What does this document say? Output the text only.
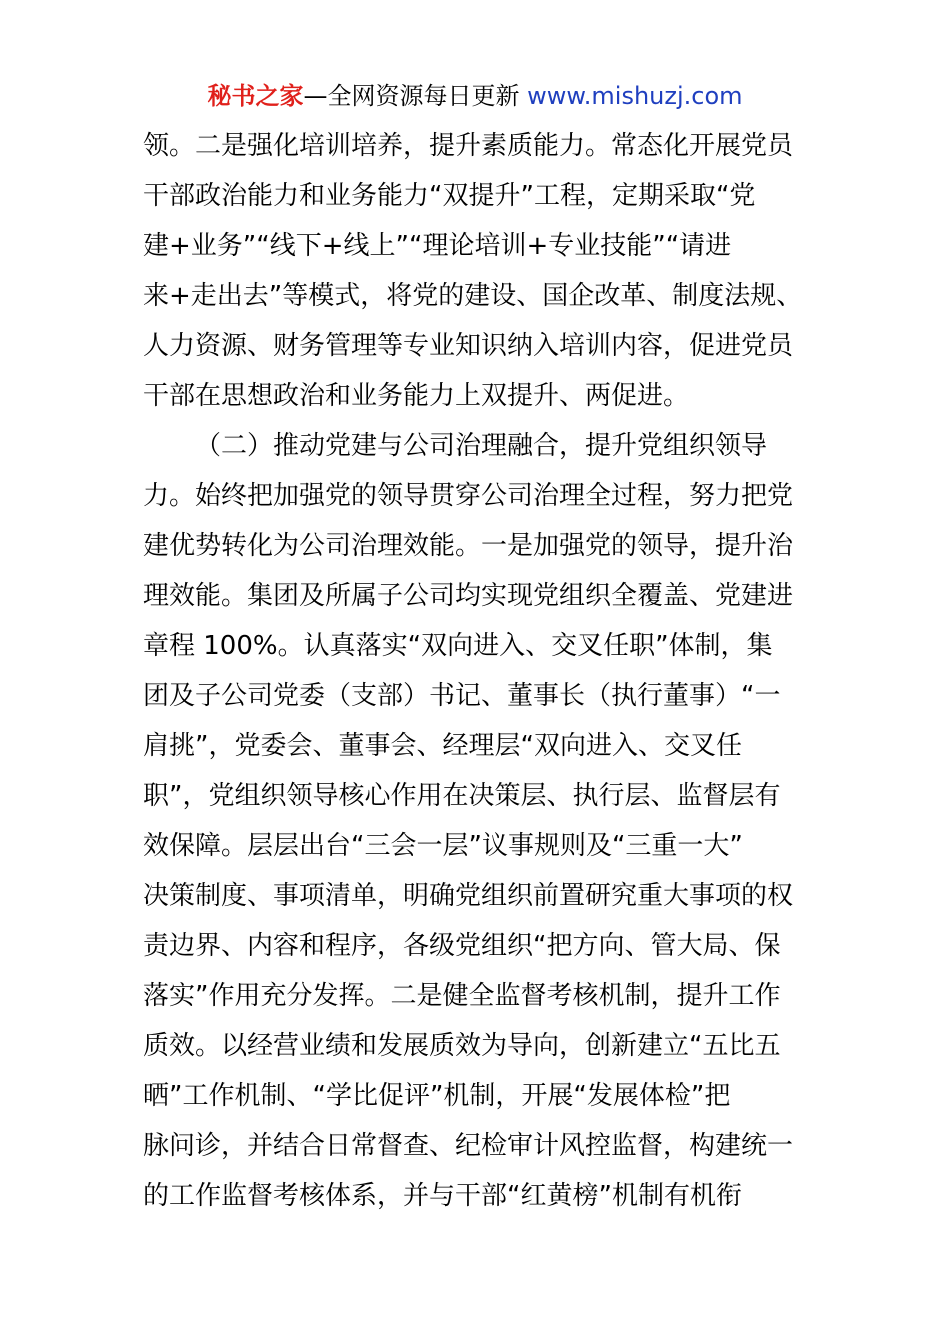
秘书之家—全网资源每日更新 www.mishuzj.com
领。二是强化培训培养，提升素质能力。常态化开展党员
干部政治能力和业务能力“双提升”工程，定期采取“党
建+业务”“线下+线上”“理论培训+专业技能”“请进
来+走出去”等模式，将党的建设、国企改革、制度法规、
人力资源、财务管理等专业知识纳入培训内容，促进党员
干部在思想政治和业务能力上双提升、两促进。
（二）推动党建与公司治理融合，提升党组织领导
力。始终把加强党的领导贯穿公司治理全过程，努力把党
建优势转化为公司治理效能。一是加强党的领导，提升治
理效能。集团及所属子公司均实现党组织全覆盖、党建进
章程 100%。认真落实“双向进入、交叉任职”体制，集
团及子公司党委（支部）书记、董事长（执行董事）“一
肩挑”，党委会、董事会、经理层“双向进入、交叉任
职”，党组织领导核心作用在决策层、执行层、监督层有
效保障。层层出台“三会一层”议事规则及“三重一大”
决策制度、事项清单，明确党组织前置研究重大事项的权
责边界、内容和程序，各级党组织“把方向、管大局、保
落实”作用充分发挥。二是健全监督考核机制，提升工作
质效。以经营业绩和发展质效为导向，创新建立“五比五
晒”工作机制、“学比促评”机制，开展“发展体检”把
脉问诊，并结合日常督查、纪检审计风控监督，构建统一
的工作监督考核体系，并与干部“红黄榜”机制有机衔
